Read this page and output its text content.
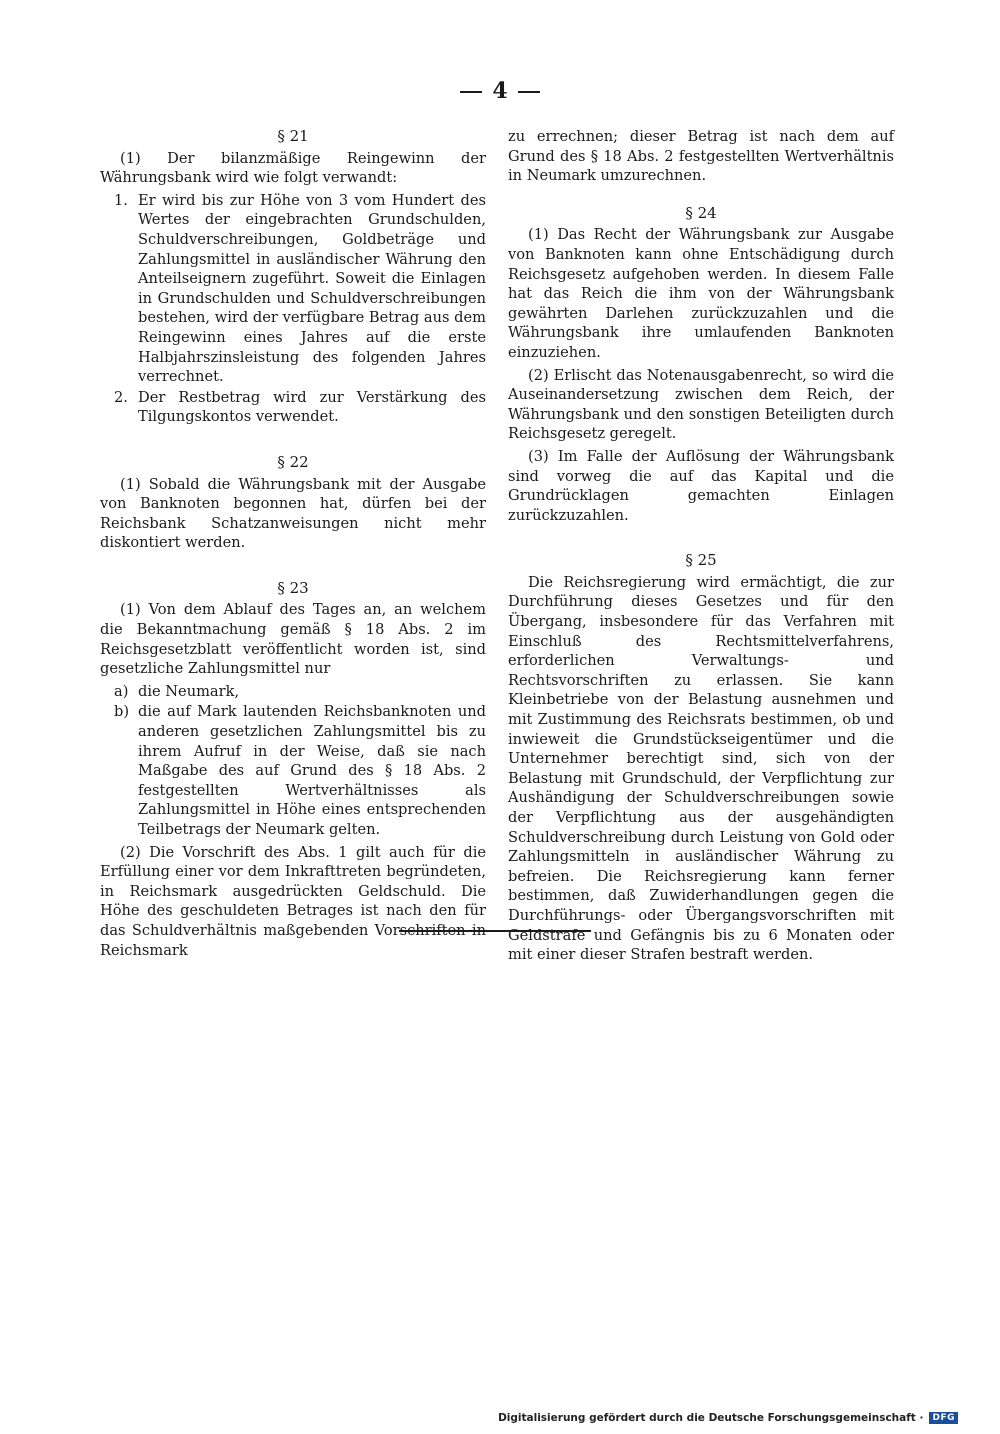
4
§ 21

(1) Der bilanzmäßige Reingewinn der Währungsbank wird wie folgt verwandt:

1. Er wird bis zur Höhe von 3 vom Hundert des Wertes der eingebrachten Grundschulden, Schuldverschreibungen, Goldbeträge und Zahlungsmittel in ausländischer Währung den Anteilseignern zugeführt. Soweit die Einlagen in Grundschulden und Schuldverschreibungen bestehen, wird der verfügbare Betrag aus dem Reingewinn eines Jahres auf die erste Halbjahrszinsleistung des folgenden Jahres verrechnet.
2. Der Restbetrag wird zur Verstärkung des Tilgungskontos verwendet.
§ 22

(1) Sobald die Währungsbank mit der Ausgabe von Banknoten begonnen hat, dürfen bei der Reichsbank Schatzanweisungen nicht mehr diskontiert werden.

§ 23

(1) Von dem Ablauf des Tages an, an welchem die Bekanntmachung gemäß § 18 Abs. 2 im Reichsgesetzblatt veröffentlicht worden ist, sind gesetzliche Zahlungsmittel nur

a) die Neumark,
b) die auf Mark lautenden Reichsbanknoten und anderen gesetzlichen Zahlungsmittel bis zu ihrem Aufruf in der Weise, daß sie nach Maßgabe des auf Grund des § 18 Abs. 2 festgestellten Wertverhältnisses als Zahlungsmittel in Höhe eines entsprechenden Teilbetrags der Neumark gelten.

(2) Die Vorschrift des Abs. 1 gilt auch für die Erfüllung einer vor dem Inkrafttreten begründeten, in Reichsmark ausgedrückten Geldschuld. Die Höhe des geschuldeten Betrages ist nach den für das Schuldverhältnis maßgebenden Vorschriften in Reichsmark

zu errechnen; dieser Betrag ist nach dem auf Grund des § 18 Abs. 2 festgestellten Wertverhältnis in Neumark umzurechnen.

§ 24

(1) Das Recht der Währungsbank zur Ausgabe von Banknoten kann ohne Entschädigung durch Reichsgesetz aufgehoben werden. In diesem Falle hat das Reich die ihm von der Währungsbank gewährten Darlehen zurückzuzahlen und die Währungsbank ihre umlaufenden Banknoten einzuziehen.

(2) Erlischt das Notenausgabenrecht, so wird die Auseinandersetzung zwischen dem Reich, der Währungsbank und den sonstigen Beteiligten durch Reichsgesetz geregelt.

(3) Im Falle der Auflösung der Währungsbank sind vorweg die auf das Kapital und die Grundrücklagen gemachten Einlagen zurückzuzahlen.

§ 25

Die Reichsregierung wird ermächtigt, die zur Durchführung dieses Gesetzes und für den Übergang, insbesondere für das Verfahren mit Einschluß des Rechtsmittelverfahrens, erforderlichen Verwaltungs- und Rechtsvorschriften zu erlassen. Sie kann Kleinbetriebe von der Belastung ausnehmen und mit Zustimmung des Reichsrats bestimmen, ob und inwieweit die Grundstückseigentümer und die Unternehmer berechtigt sind, sich von der Belastung mit Grundschuld, der Verpflichtung zur Aushändigung der Schuldverschreibungen sowie der Verpflichtung aus der ausgehändigten Schuldverschreibung durch Leistung von Gold oder Zahlungsmitteln in ausländischer Währung zu befreien. Die Reichsregierung kann ferner bestimmen, daß Zuwiderhandlungen gegen die Durchführungs- oder Übergangsvorschriften mit Geldstrafe und Gefängnis bis zu 6 Monaten oder mit einer dieser Strafen bestraft werden.

Digitalisierung gefördert durch die Deutsche Forschungsgemeinschaft ·	DFG
